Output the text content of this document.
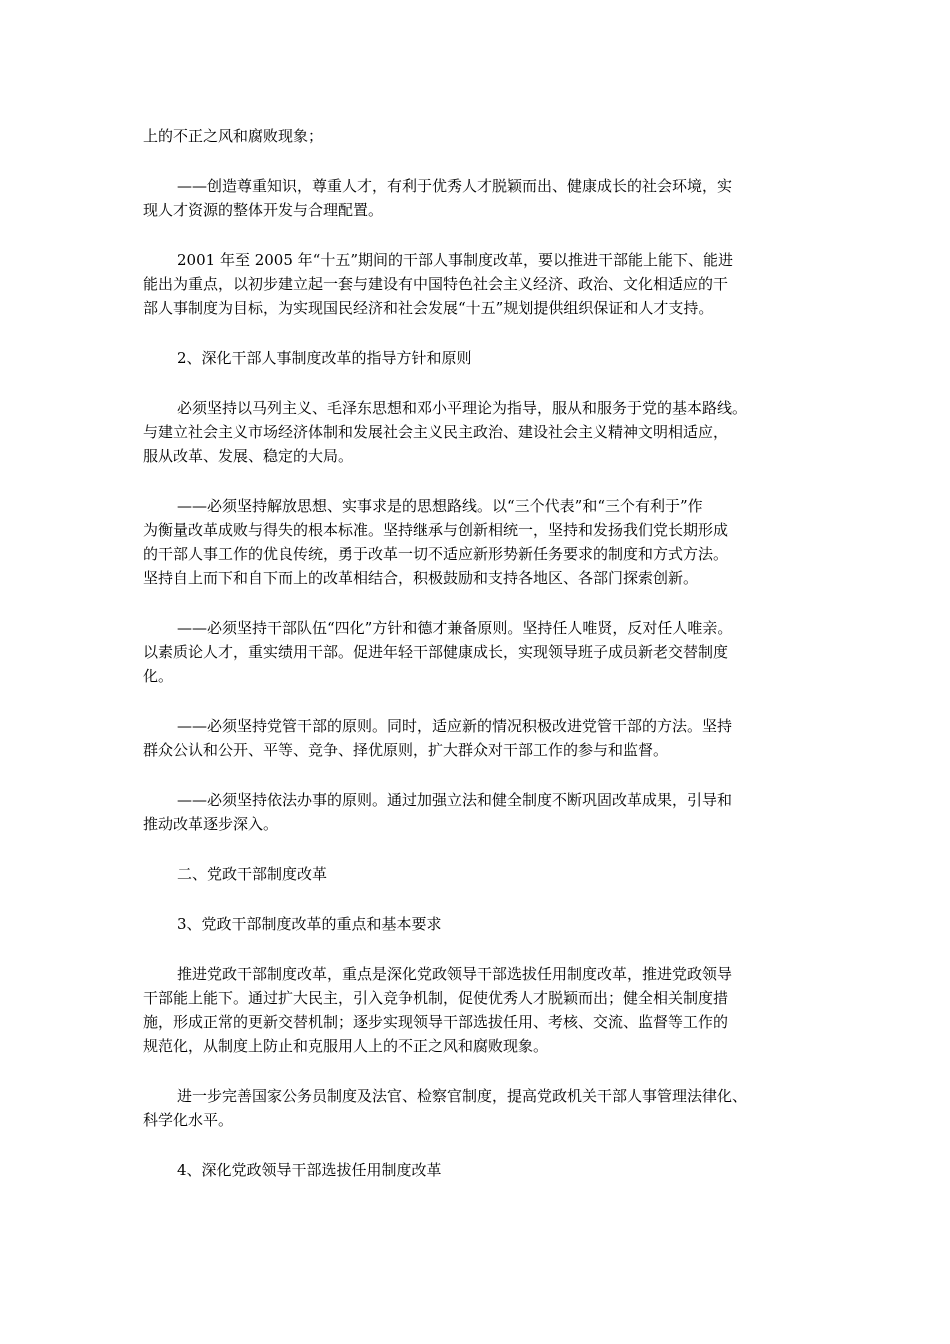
上的不正之风和腐败现象；
——创造尊重知识，尊重人才，有利于优秀人才脱颖而出、健康成长的社会环境，实
现人才资源的整体开发与合理配置。
2001 年至 2005 年“十五”期间的干部人事制度改革，要以推进干部能上能下、能进
能出为重点，以初步建立起一套与建设有中国特色社会主义经济、政治、文化相适应的干
部人事制度为目标，为实现国民经济和社会发展“十五”规划提供组织保证和人才支持。
2、深化干部人事制度改革的指导方针和原则
必须坚持以马列主义、毛泽东思想和邓小平理论为指导，服从和服务于党的基本路线。
与建立社会主义市场经济体制和发展社会主义民主政治、建设社会主义精神文明相适应，
服从改革、发展、稳定的大局。
——必须坚持解放思想、实事求是的思想路线。以“三个代表”和“三个有利于”作
为衡量改革成败与得失的根本标准。坚持继承与创新相统一，坚持和发扬我们党长期形成
的干部人事工作的优良传统，勇于改革一切不适应新形势新任务要求的制度和方式方法。
坚持自上而下和自下而上的改革相结合，积极鼓励和支持各地区、各部门探索创新。
——必须坚持干部队伍“四化”方针和德才兼备原则。坚持任人唯贤，反对任人唯亲。
以素质论人才，重实绩用干部。促进年轻干部健康成长，实现领导班子成员新老交替制度
化。
——必须坚持党管干部的原则。同时，适应新的情况积极改进党管干部的方法。坚持
群众公认和公开、平等、竞争、择优原则，扩大群众对干部工作的参与和监督。
——必须坚持依法办事的原则。通过加强立法和健全制度不断巩固改革成果，引导和
推动改革逐步深入。
二、党政干部制度改革
3、党政干部制度改革的重点和基本要求
推进党政干部制度改革，重点是深化党政领导干部选拔任用制度改革，推进党政领导
干部能上能下。通过扩大民主，引入竞争机制，促使优秀人才脱颖而出；健全相关制度措
施，形成正常的更新交替机制；逐步实现领导干部选拔任用、考核、交流、监督等工作的
规范化，从制度上防止和克服用人上的不正之风和腐败现象。
进一步完善国家公务员制度及法官、检察官制度，提高党政机关干部人事管理法律化、
科学化水平。
4、深化党政领导干部选拔任用制度改革
